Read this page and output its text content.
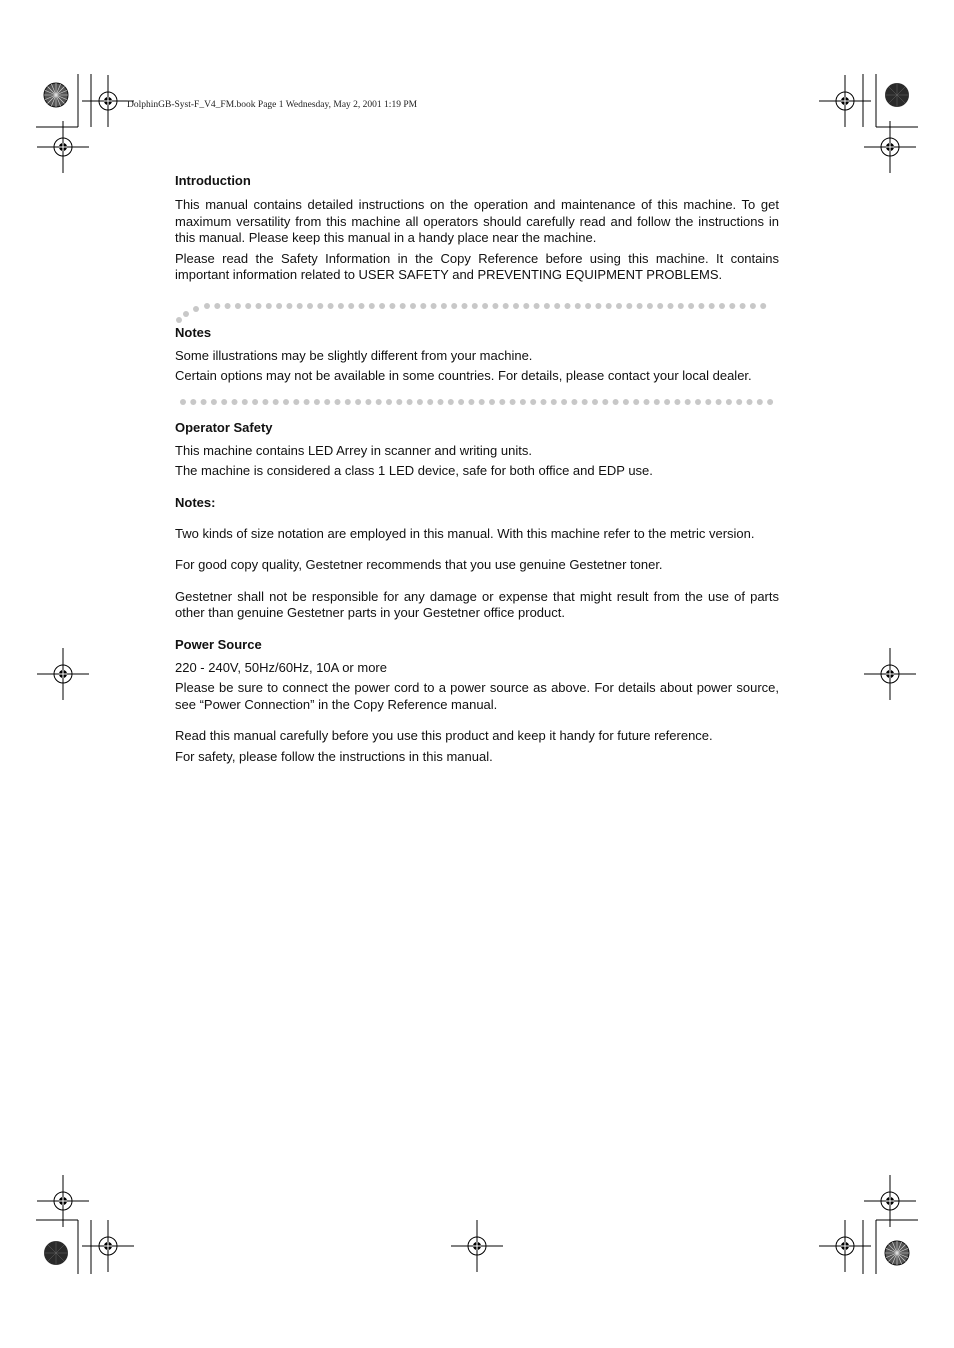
DolphinGB-Syst-F_V4_FM.book Page 1 Wednesday, May 2, 2001 1:19 PM
Introduction
This manual contains detailed instructions on the operation and maintenance of this machine. To get maximum versatility from this machine all operators should carefully read and follow the instructions in this manual. Please keep this manual in a handy place near the machine.
Please read the Safety Information in the Copy Reference before using this machine. It contains important information related to USER SAFETY and PREVENTING EQUIPMENT PROBLEMS.
Notes
Some illustrations may be slightly different from your machine.
Certain options may not be available in some countries. For details, please contact your local dealer.
Operator Safety
This machine contains LED Arrey in scanner and writing units.
The machine is considered a class 1 LED device, safe for both office and EDP use.
Notes:
Two kinds of size notation are employed in this manual. With this machine refer to the metric version.
For good copy quality, Gestetner recommends that you use genuine Gestetner toner.
Gestetner shall not be responsible for any damage or expense that might result from the use of parts other than genuine Gestetner parts in your Gestetner office product.
Power Source
220 - 240V, 50Hz/60Hz, 10A or more
Please be sure to connect the power cord to a power source as above. For details about power source, see “Power Connection” in the Copy Reference manual.
Read this manual carefully before you use this product and keep it handy for future reference.
For safety, please follow the instructions in this manual.
